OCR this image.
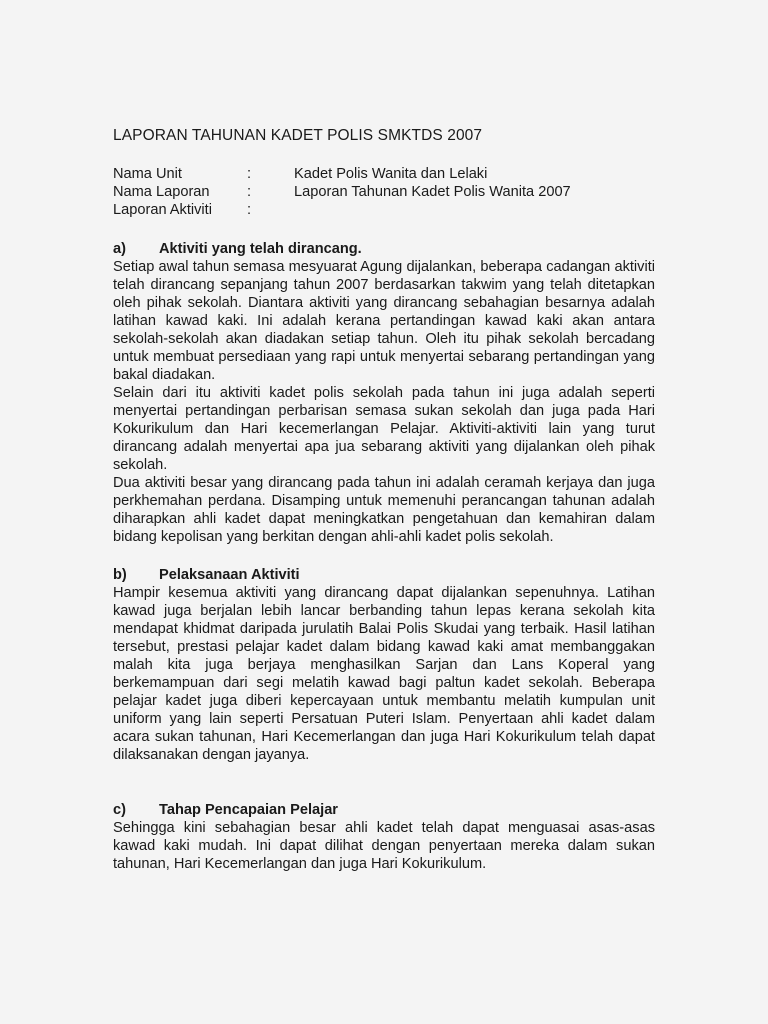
LAPORAN TAHUNAN KADET POLIS SMKTDS 2007
Nama Unit	:	Kadet Polis Wanita dan Lelaki
Nama Laporan	:	Laporan Tahunan Kadet Polis Wanita 2007
Laporan Aktiviti	:
a)	Aktiviti yang telah dirancang.

Setiap awal tahun semasa mesyuarat Agung dijalankan, beberapa cadangan aktiviti telah dirancang sepanjang tahun 2007 berdasarkan takwim yang telah ditetapkan oleh pihak sekolah. Diantara aktiviti yang dirancang sebahagian besarnya adalah latihan kawad kaki. Ini adalah kerana pertandingan kawad kaki akan antara sekolah-sekolah akan diadakan setiap tahun. Oleh itu pihak sekolah bercadang untuk membuat persediaan yang rapi untuk menyertai sebarang pertandingan yang bakal diadakan.

Selain dari itu aktiviti kadet polis sekolah pada tahun ini juga adalah seperti menyertai pertandingan perbarisan semasa sukan sekolah dan juga pada Hari Kokurikulum dan Hari kecemerlangan Pelajar. Aktiviti-aktiviti lain yang turut dirancang adalah menyertai apa jua sebarang aktiviti yang dijalankan oleh pihak sekolah.

Dua aktiviti besar yang dirancang pada tahun ini adalah ceramah kerjaya dan juga perkhemahan perdana. Disamping untuk memenuhi perancangan tahunan adalah diharapkan ahli kadet dapat meningkatkan pengetahuan dan kemahiran dalam bidang kepolisan yang berkitan dengan ahli-ahli kadet polis sekolah.

b)	Pelaksanaan Aktiviti

Hampir kesemua aktiviti yang dirancang dapat dijalankan sepenuhnya. Latihan kawad juga berjalan lebih lancar berbanding tahun lepas kerana sekolah kita mendapat khidmat daripada jurulatih Balai Polis Skudai yang terbaik. Hasil latihan tersebut, prestasi pelajar kadet dalam bidang kawad kaki amat membanggakan malah kita juga berjaya menghasilkan Sarjan dan Lans Koperal yang berkemampuan dari segi melatih kawad bagi paltun kadet sekolah. Beberapa pelajar kadet juga diberi kepercayaan untuk membantu melatih kumpulan unit uniform yang lain seperti Persatuan Puteri Islam. Penyertaan ahli kadet dalam acara sukan tahunan, Hari Kecemerlangan dan juga Hari Kokurikulum telah dapat dilaksanakan dengan jayanya.

c)	Tahap Pencapaian Pelajar

Sehingga kini sebahagian besar ahli kadet telah dapat menguasai asas-asas kawad kaki mudah. Ini dapat dilihat dengan penyertaan mereka dalam sukan tahunan, Hari Kecemerlangan dan juga Hari Kokurikulum.
